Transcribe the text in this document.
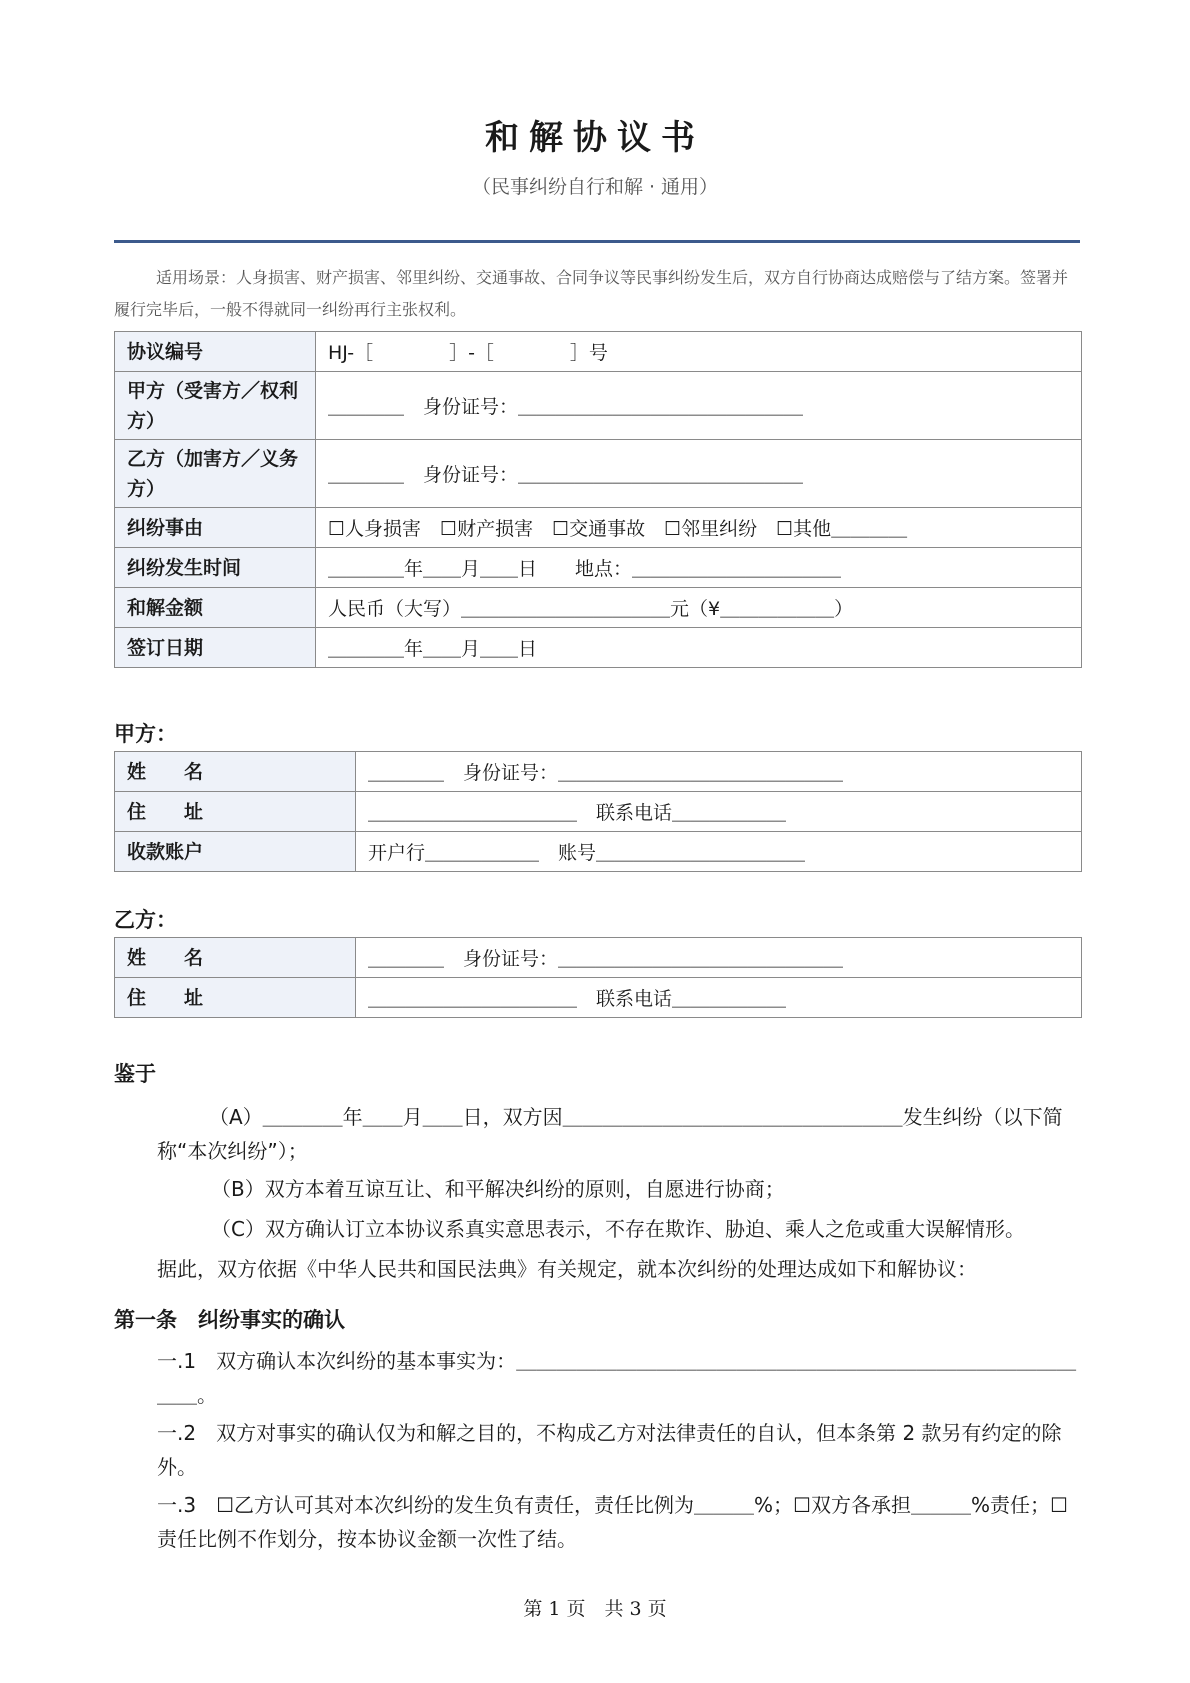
和解协议书
（民事纠纷自行和解 · 通用）
适用场景：人身损害、财产损害、邻里纠纷、交通事故、合同争议等民事纠纷发生后，双方自行协商达成赔偿与了结方案。签署并履行完毕后，一般不得就同一纠纷再行主张权利。
协议编号	HJ-［　　　　］-［　　　　］号
甲方（受害方／权利方）	＿＿＿＿　身份证号：＿＿＿＿＿＿＿＿＿＿＿＿＿＿＿
乙方（加害方／义务方）	＿＿＿＿　身份证号：＿＿＿＿＿＿＿＿＿＿＿＿＿＿＿
纠纷事由	☐人身损害　☐财产损害　☐交通事故　☐邻里纠纷　☐其他＿＿＿＿
纠纷发生时间	＿＿＿＿年＿＿月＿＿日　　地点：＿＿＿＿＿＿＿＿＿＿＿
和解金额	人民币（大写）＿＿＿＿＿＿＿＿＿＿＿元（¥＿＿＿＿＿＿）
签订日期	＿＿＿＿年＿＿月＿＿日
甲方：
姓　　名	＿＿＿＿　身份证号：＿＿＿＿＿＿＿＿＿＿＿＿＿＿＿
住　　址	＿＿＿＿＿＿＿＿＿＿＿　联系电话＿＿＿＿＿＿
收款账户	开户行＿＿＿＿＿＿　账号＿＿＿＿＿＿＿＿＿＿＿
乙方：
姓　　名	＿＿＿＿　身份证号：＿＿＿＿＿＿＿＿＿＿＿＿＿＿＿
住　　址	＿＿＿＿＿＿＿＿＿＿＿　联系电话＿＿＿＿＿＿
鉴于
（A）＿＿＿＿年＿＿月＿＿日，双方因＿＿＿＿＿＿＿＿＿＿＿＿＿＿＿＿＿发生纠纷（以下简称“本次纠纷”）；
（B）双方本着互谅互让、和平解决纠纷的原则，自愿进行协商；
（C）双方确认订立本协议系真实意思表示，不存在欺诈、胁迫、乘人之危或重大误解情形。
据此，双方依据《中华人民共和国民法典》有关规定，就本次纠纷的处理达成如下和解协议：
第一条　纠纷事实的确认
一.1　双方确认本次纠纷的基本事实为：＿＿＿＿＿＿＿＿＿＿＿＿＿＿＿＿＿＿＿＿＿＿＿＿＿＿＿＿＿＿。
一.2　双方对事实的确认仅为和解之目的，不构成乙方对法律责任的自认，但本条第 2 款另有约定的除外。
一.3　☐乙方认可其对本次纠纷的发生负有责任，责任比例为＿＿＿%；☐双方各承担＿＿＿%责任；☐责任比例不作划分，按本协议金额一次性了结。
第 1 页　共 3 页
